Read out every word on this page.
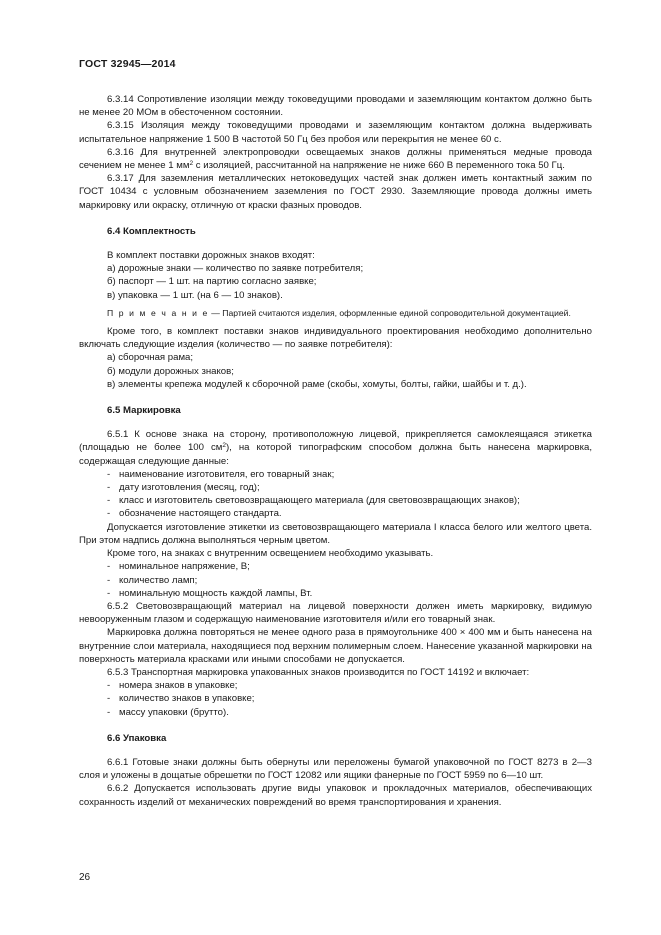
ГОСТ 32945—2014

6.3.14 Сопротивление изоляции между токоведущими проводами и заземляющим контактом должно быть не менее 20 МОм в обесточенном состоянии.

6.3.15 Изоляция между токоведущими проводами и заземляющим контактом должна выдерживать испытательное напряжение 1 500 В частотой 50 Гц без пробоя или перекрытия не менее 60 с.

6.3.16 Для внутренней электропроводки освещаемых знаков должны применяться медные провода сечением не менее 1 $мм^2$ с изоляцией, рассчитанной на напряжение не ниже 660 В переменного тока 50 Гц.

6.3.17 Для заземления металлических нетоковедущих частей знак должен иметь контактный зажим по ГОСТ 10434 с условным обозначением заземления по ГОСТ 2930. Заземляющие провода должны иметь маркировку или окраску, отличную от краски фазных проводов.

6.4 Комплектность

В комплект поставки дорожных знаков входят:

а) дорожные знаки — количество по заявке потребителя;

б) паспорт — 1 шт. на партию согласно заявке;

в) упаковка — 1 шт. (на 6 — 10 знаков).

П р и м е ч а н и е — Партией считаются изделия, оформленные единой сопроводительной документацией.

Кроме того, в комплект поставки знаков индивидуального проектирования необходимо дополнительно включать следующие изделия (количество — по заявке потребителя):

а) сборочная рама;

б) модули дорожных знаков;

в) элементы крепежа модулей к сборочной раме (скобы, хомуты, болты, гайки, шайбы и т. д.).

6.5 Маркировка

6.5.1 К основе знака на сторону, противоположную лицевой, прикрепляется самоклеящаяся этикетка (площадью не более 100 $см^2$), на которой типографским способом должна быть нанесена маркировка, содержащая следующие данные:

- наименование изготовителя, его товарный знак;

- дату изготовления (месяц, год);

- класс и изготовитель световозвращающего материала (для световозвращающих знаков);

- обозначение настоящего стандарта.

Допускается изготовление этикетки из световозвращающего материала I класса белого или желтого цвета. При этом надпись должна выполняться черным цветом.

Кроме того, на знаках с внутренним освещением необходимо указывать.

- номинальное напряжение, В;

- количество ламп;

- номинальную мощность каждой лампы, Вт.

6.5.2 Световозвращающий материал на лицевой поверхности должен иметь маркировку, видимую невооруженным глазом и содержащую наименование изготовителя и/или его товарный знак.

Маркировка должна повторяться не менее одного раза в прямоугольнике 400 × 400 мм и быть нанесена на внутренние слои материала, находящиеся под верхним полимерным слоем. Нанесение указанной маркировки на поверхность материала красками или иными способами не допускается.

6.5.3 Транспортная маркировка упакованных знаков производится по ГОСТ 14192 и включает:

- номера знаков в упаковке;

- количество знаков в упаковке;

- массу упаковки (брутто).

6.6 Упаковка

6.6.1 Готовые знаки должны быть обернуты или переложены бумагой упаковочной по ГОСТ 8273 в 2—3 слоя и уложены в дощатые обрешетки по ГОСТ 12082 или ящики фанерные по ГОСТ 5959 по 6—10 шт.

6.6.2 Допускается использовать другие виды упаковок и прокладочных материалов, обеспечивающих сохранность изделий от механических повреждений во время транспортирования и хранения.

26
